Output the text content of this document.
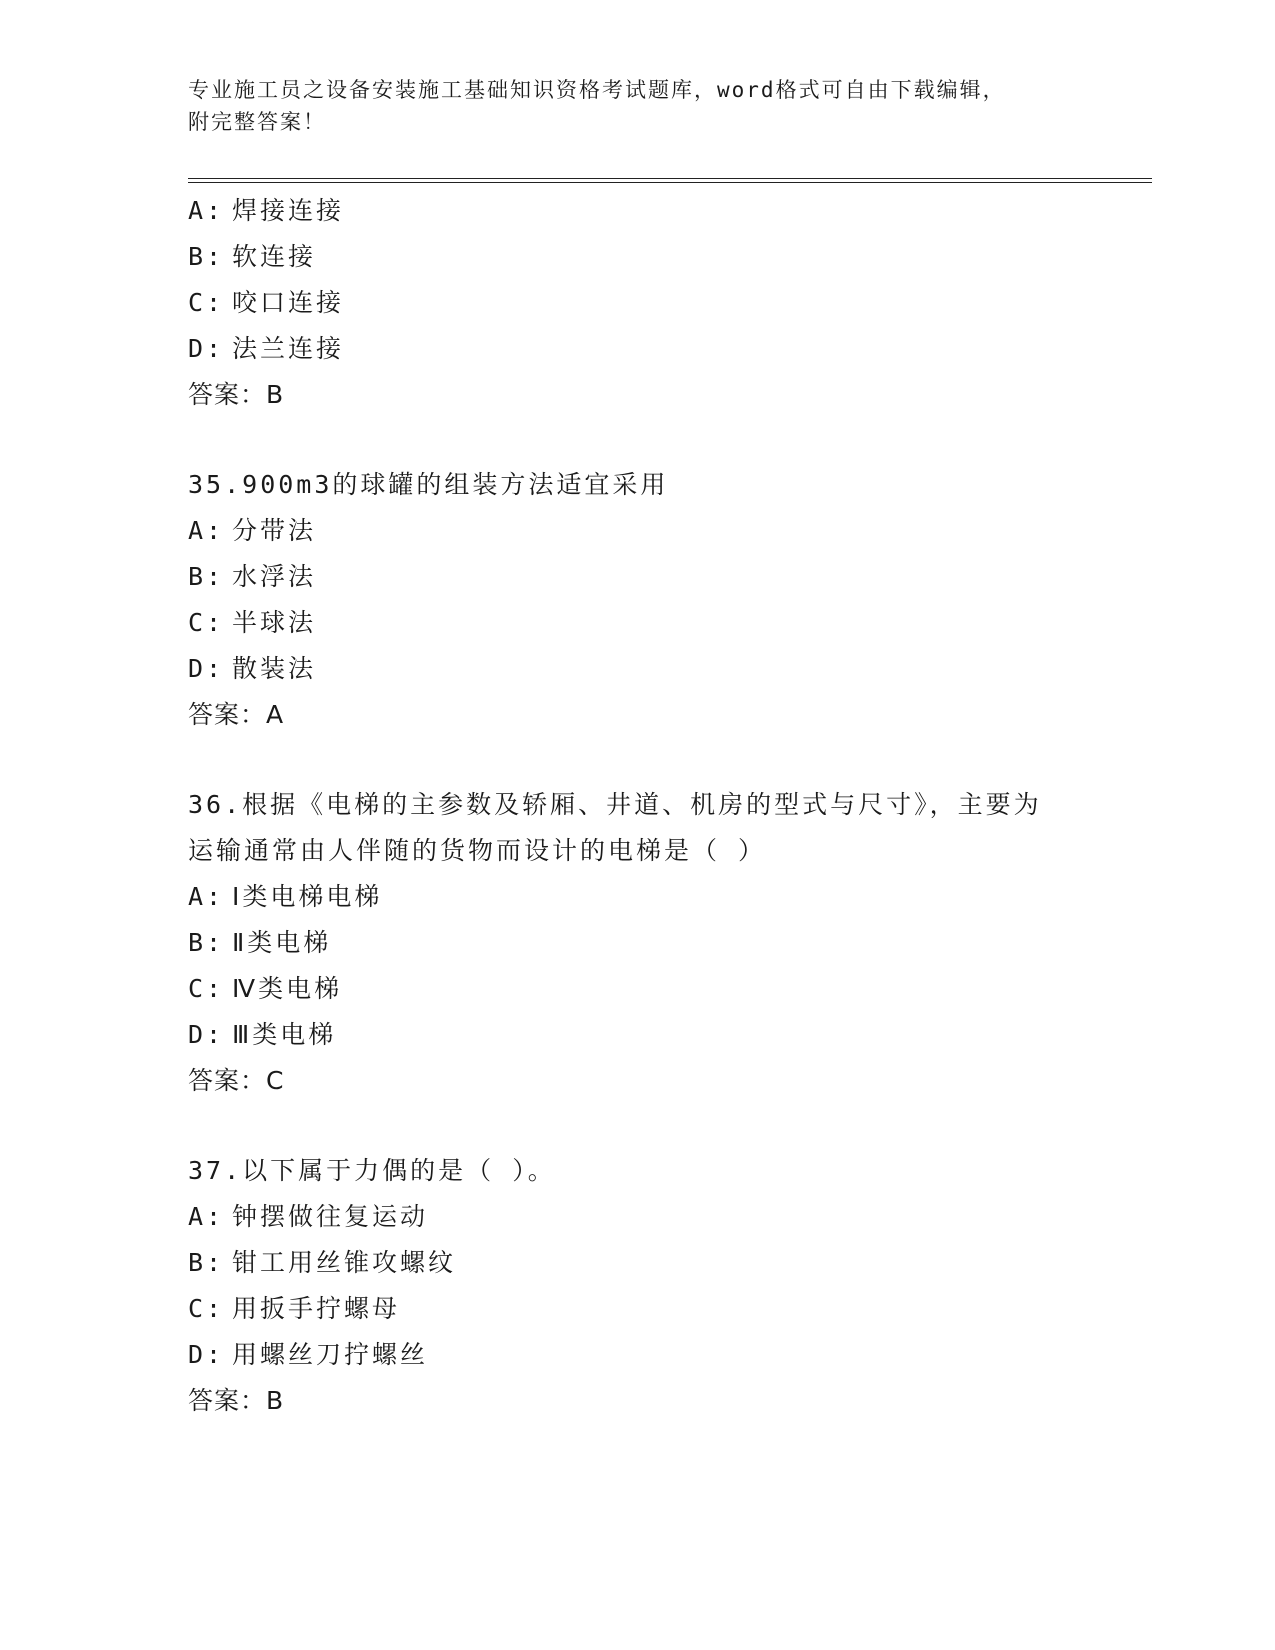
专业施工员之设备安装施工基础知识资格考试题库，word格式可自由下载编辑，
附完整答案！
A: 焊接连接
B: 软连接
C: 咬口连接
D: 法兰连接
答案：B
35.900m3的球罐的组装方法适宜采用
A: 分带法
B: 水浮法
C: 半球法
D: 散装法
答案：A
36.根据《电梯的主参数及轿厢、井道、机房的型式与尺寸》，主要为
运输通常由人伴随的货物而设计的电梯是（ ）
A: Ⅰ类电梯电梯
B: Ⅱ类电梯
C: Ⅳ类电梯
D: Ⅲ类电梯
答案：C
37.以下属于力偶的是（ ）。
A: 钟摆做往复运动
B: 钳工用丝锥攻螺纹
C: 用扳手拧螺母
D: 用螺丝刀拧螺丝
答案：B
